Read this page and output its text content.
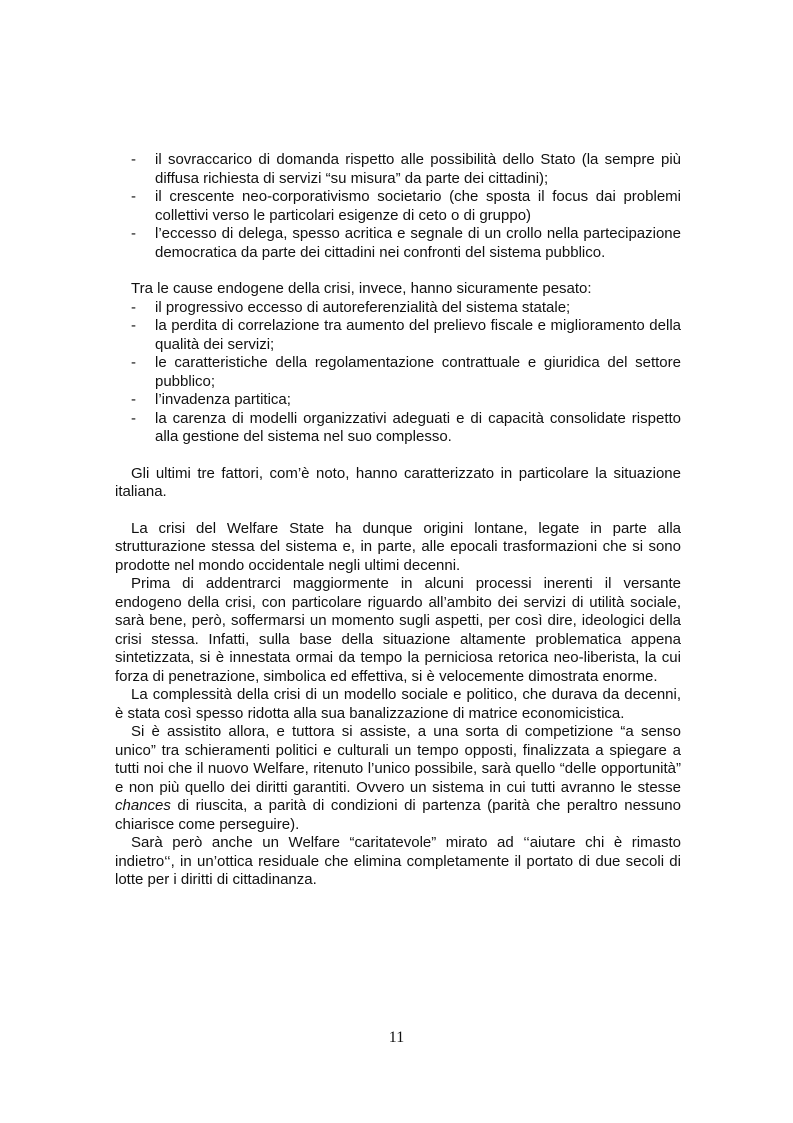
- il sovraccarico di domanda rispetto alle possibilità dello Stato (la sempre più diffusa richiesta di servizi “su misura” da parte dei cittadini);
- il crescente neo-corporativismo societario (che sposta il focus dai problemi collettivi verso le particolari esigenze di ceto o di gruppo)
- l’eccesso di delega, spesso acritica e segnale di un crollo nella partecipazione democratica da parte dei cittadini nei confronti del sistema pubblico.

Tra le cause endogene della crisi, invece, hanno sicuramente pesato:

- il progressivo eccesso di autoreferenzialità del sistema statale;
- la perdita di correlazione tra aumento del prelievo fiscale e miglioramento della qualità dei servizi;
- le caratteristiche della regolamentazione contrattuale e giuridica del settore pubblico;
- l’invadenza partitica;
- la carenza di modelli organizzativi adeguati e di capacità consolidate rispetto alla gestione del sistema nel suo complesso.

Gli ultimi tre fattori, com’è noto, hanno caratterizzato in particolare la situazione italiana.

La crisi del Welfare State ha dunque origini lontane, legate in parte alla strutturazione stessa del sistema e, in parte, alle epocali trasformazioni che si sono prodotte nel mondo occidentale negli ultimi decenni.

Prima di addentrarci maggiormente in alcuni processi inerenti il versante endogeno della crisi, con particolare riguardo all’ambito dei servizi di utilità sociale, sarà bene, però, soffermarsi un momento sugli aspetti, per così dire, ideologici della crisi stessa. Infatti, sulla base della situazione altamente problematica appena sintetizzata, si è innestata ormai da tempo la perniciosa retorica neo-liberista, la cui forza di penetrazione, simbolica ed effettiva, si è velocemente dimostrata enorme.

La complessità della crisi di un modello sociale e politico, che durava da decenni, è stata così spesso ridotta alla sua banalizzazione di matrice economicistica.

Si è assistito allora, e tuttora si assiste, a una sorta di competizione “a senso unico” tra schieramenti politici e culturali un tempo opposti, finalizzata a spiegare a tutti noi che il nuovo Welfare, ritenuto l’unico possibile, sarà quello “delle opportunità” e non più quello dei diritti garantiti. Ovvero un sistema in cui tutti avranno le stesse chances di riuscita, a parità di condizioni di partenza (parità che peraltro nessuno chiarisce come perseguire).

Sarà però anche un Welfare “caritatevole” mirato ad ‘‘aiutare chi è rimasto indietro‘‘, in un’ottica residuale che elimina completamente il portato di due secoli di lotte per i diritti di cittadinanza.

11
